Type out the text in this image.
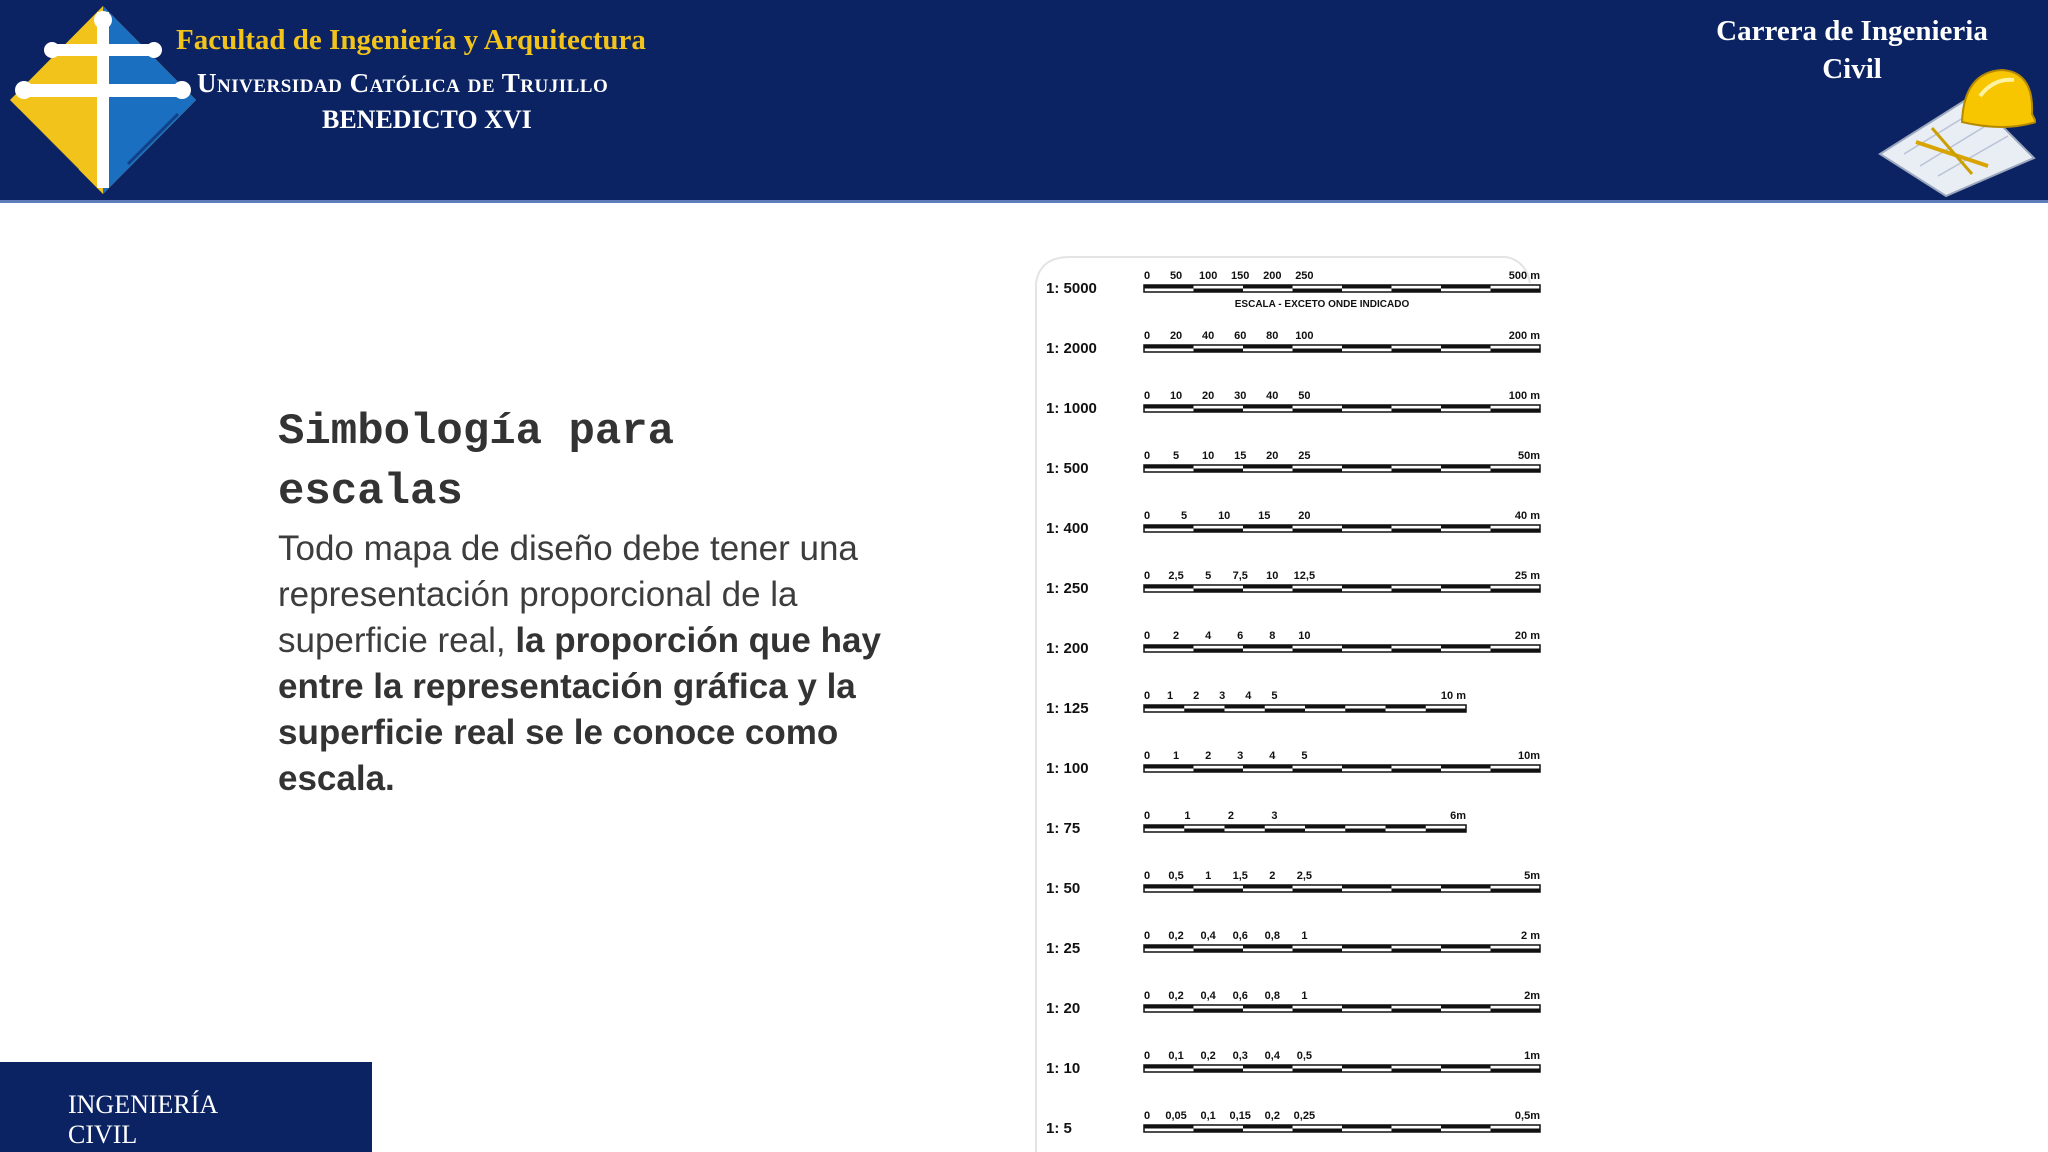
Facultad de Ingeniería y Arquitectura
Universidad Católica de Trujillo
BENEDICTO XVI
Carrera de Ingenieria Civil
Simbología para escalas
Todo mapa de diseño debe tener una representación proporcional de la superficie real, la proporción que hay entre la representación gráfica y la superficie real se le conoce como escala.
1: 5000
0 50 100 150 200 250	500 m
ESCALA - EXCETO ONDE INDICADO
1: 2000
0 20 40 60 80 100	200 m
1: 1000
0 10 20 30 40 50	100 m
1: 500
0 5 10 15 20 25	50m
1: 400
0	5	10	15	20	40 m
1: 250
0 2,5 5 7,5 10 12,5	25 m
1: 200
0 2 4 6 8 10	20 m
1: 125
0 1 2 3 4 5	10 m
1: 100
0 1 2 3 4 5	10m
1: 75
0	1	2	3	6m
1: 50
0 0,5 1 1,5 2 2,5	5m
1: 25
0 0,2 0,4 0,6 0,8 1	2 m
1: 20
0 0,2 0,4 0,6 0,8 1	2m
1: 10
0 0,1 0,2 0,3 0,4 0,5	1m
1: 5
0 0,05 0,1 0,15 0,2 0,25	0,5m
INGENIERÍA CIVIL
